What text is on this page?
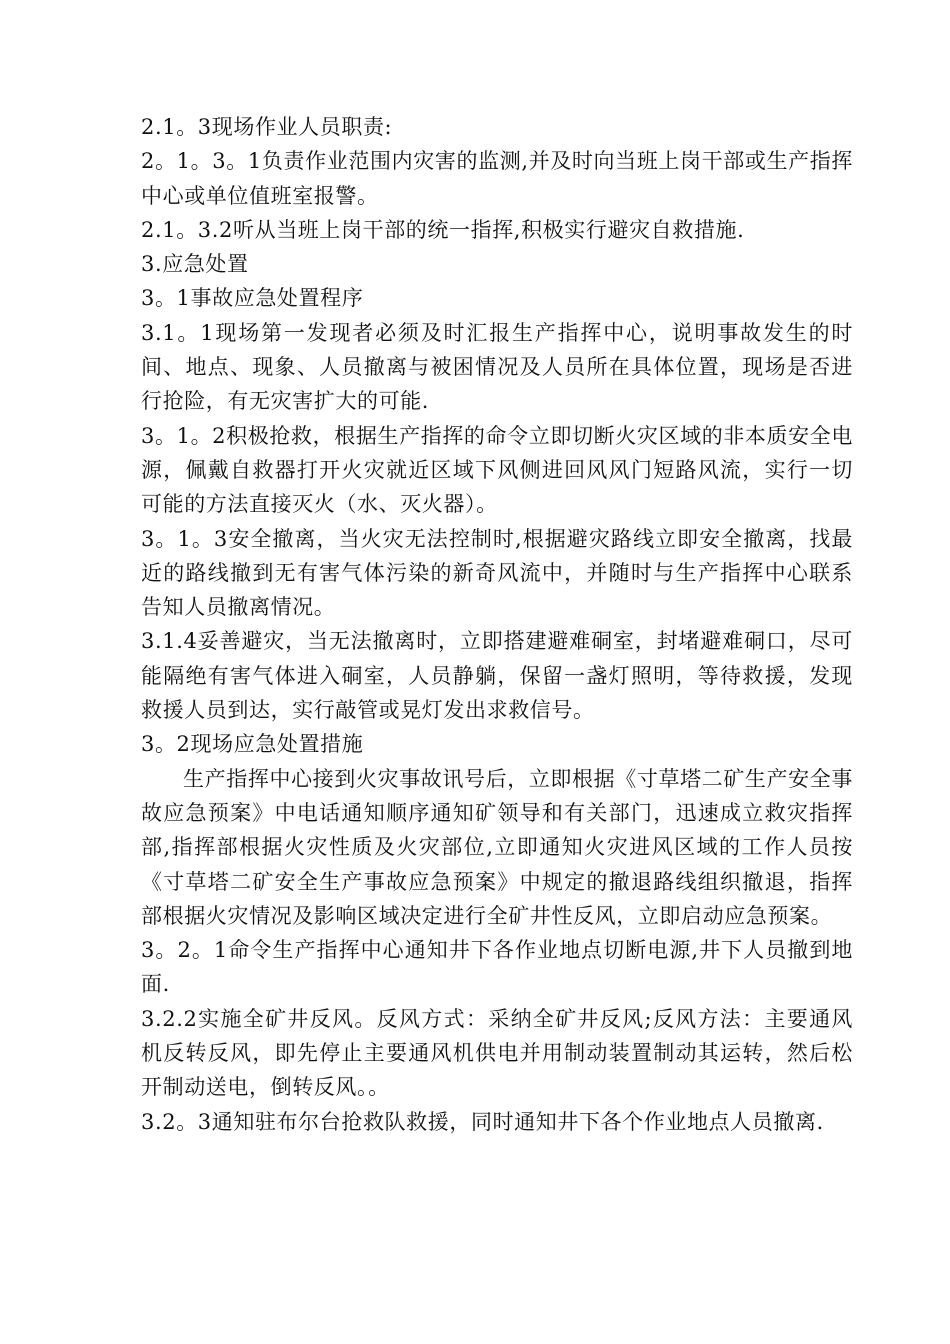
2.1。3现场作业人员职责:

2。1。3。1负责作业范围内灾害的监测,并及时向当班上岗干部或生产指挥中心或单位值班室报警。

2.1。3.2听从当班上岗干部的统一指挥,积极实行避灾自救措施.

3.应急处置

3。1事故应急处置程序

3.1。1现场第一发现者必须及时汇报生产指挥中心，说明事故发生的时间、地点、现象、人员撤离与被困情况及人员所在具体位置，现场是否进行抢险，有无灾害扩大的可能.

3。1。2积极抢救，根据生产指挥的命令立即切断火灾区域的非本质安全电源，佩戴自救器打开火灾就近区域下风侧进回风风门短路风流，实行一切可能的方法直接灭火（水、灭火器）。

3。1。3安全撤离，当火灾无法控制时,根据避灾路线立即安全撤离，找最近的路线撤到无有害气体污染的新奇风流中，并随时与生产指挥中心联系告知人员撤离情况。

3.1.4妥善避灾，当无法撤离时，立即搭建避难硐室，封堵避难硐口，尽可能隔绝有害气体进入硐室，人员静躺，保留一盏灯照明，等待救援，发现救援人员到达，实行敲管或晃灯发出求救信号。

3。2现场应急处置措施

生产指挥中心接到火灾事故讯号后，立即根据《寸草塔二矿生产安全事故应急预案》中电话通知顺序通知矿领导和有关部门，迅速成立救灾指挥部,指挥部根据火灾性质及火灾部位,立即通知火灾进风区域的工作人员按《寸草塔二矿安全生产事故应急预案》中规定的撤退路线组织撤退，指挥部根据火灾情况及影响区域决定进行全矿井性反风，立即启动应急预案。

3。2。1命令生产指挥中心通知井下各作业地点切断电源,井下人员撤到地面.

3.2.2实施全矿井反风。反风方式：采纳全矿井反风;反风方法：主要通风机反转反风，即先停止主要通风机供电并用制动装置制动其运转，然后松开制动送电，倒转反风。。

3.2。3通知驻布尔台抢救队救援，同时通知井下各个作业地点人员撤离.
